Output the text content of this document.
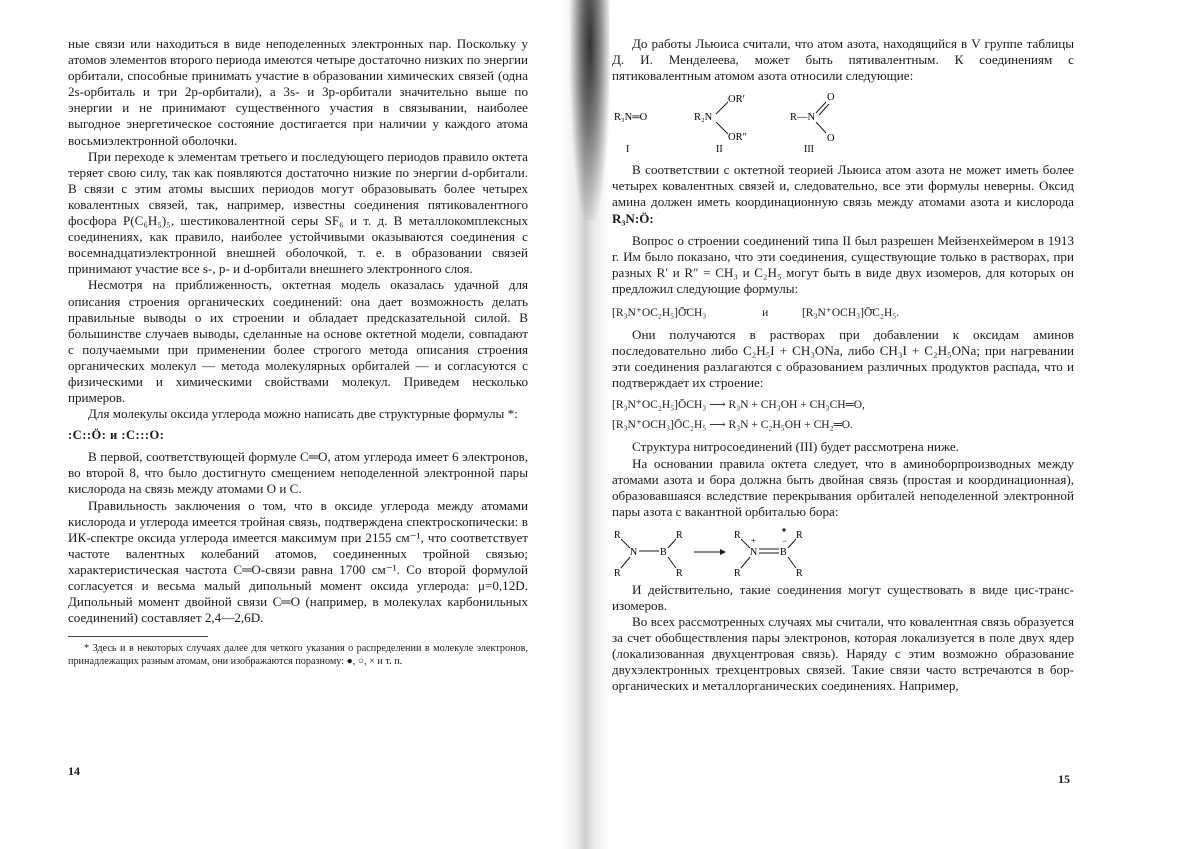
ные связи или находиться в виде неподеленных электронных пар. Поскольку у атомов элементов второго периода имеются четыре достаточно низких по энергии орбитали, способные принимать участие в образовании химических связей (одна 2s-орбиталь и три 2p-орбитали), а 3s- и 3p-орбитали значительно выше по энергии и не принимают существенного участия в связывании, наиболее выгодное энергетическое состояние достигается при наличии у каждого атома восьмиэлектронной оболочки.

При переходе к элементам третьего и последующего периодов правило октета теряет свою силу, так как появляются достаточно низкие по энергии d-орбитали. В связи с этим атомы высших периодов могут образовывать более четырех ковалентных связей, так, например, известны соединения пятиковалентного фосфора P(C₆H₅)₅, шестиковалентной серы SF₆ и т. д. В металлокомплексных соединениях, как правило, наиболее устойчивыми оказываются соединения с восемнадцатиэлектронной внешней оболочкой, т. е. в образовании связей принимают участие все s-, p- и d-орбитали внешнего электронного слоя.

Несмотря на приближенность, октетная модель оказалась удачной для описания строения органических соединений: она дает возможность делать правильные выводы о их строении и обладает предсказательной силой. В большинстве случаев выводы, сделанные на основе октетной модели, совпадают с получаемыми при применении более строгого метода описания строения органических молекул — метода молекулярных орбиталей — и согласуются с физическими и химическими свойствами молекул. Приведем несколько примеров.

Для молекулы оксида углерода можно написать две структурные формулы *:

:C::Ö: и :C:::O:

В первой, соответствующей формуле C═O, атом углерода имеет 6 электронов, во второй 8, что было достигнуто смещением неподеленной электронной пары кислорода на связь между атомами O и C.

Правильность заключения о том, что в оксиде углерода между атомами кислорода и углерода имеется тройная связь, подтверждена спектроскопически: в ИК-спектре оксида углерода имеется максимум при 2155 см⁻¹, что соответствует частоте валентных колебаний атомов, соединенных тройной связью; характеристическая частота C═O-связи равна 1700 см⁻¹. Со второй формулой согласуется и весьма малый дипольный момент оксида углерода: μ=0,12D. Дипольный момент двойной связи C═O (например, в молекулах карбонильных соединений) составляет 2,4—2,6D.

* Здесь и в некоторых случаях далее для четкого указания о распределении в молекуле электронов, принадлежащих разным атомам, они изображаются поразному: ●, ○, × и т. п.

14

До работы Льюиса считали, что атом азота, находящийся в V группе таблицы Д. И. Менделеева, может быть пятивалентным. К соединениям с пятиковалентным атомом азота относили следующие:

R₃N═O	R₂N
OR′
OR″
R—N
O
O
I	II	III

В соответствии с октетной теорией Льюиса атом азота не может иметь более четырех ковалентных связей и, следовательно, все эти формулы неверны. Оксид амина должен иметь координационную связь между атомами азота и кислорода R₃N:Ö:

Вопрос о строении соединений типа II был разрешен Мейзенхеймером в 1913 г. Им было показано, что эти соединения, существующие только в растворах, при разных R′ и R″ = CH₃ и C₂H₅ могут быть в виде двух изомеров, для которых он предложил следующие формулы:

[R₃N⁺OC₂H₅]Ō̄CH₃	и	[R₃N⁺OCH₃]Ō̄C₂H₅.

Они получаются в растворах при добавлении к оксидам аминов последовательно либо C₂H₅I + CH₃ONa, либо CH₃I + C₂H₅ONa; при нагревании эти соединения разлагаются с образованием различных продуктов распада, что и подтверждает их строение:

[R₃N⁺OC₂H₅]ŌCH₃ ⟶ R₃N + CH₃OH + CH₃CH═O,
[R₃N⁺OCH₃]ŌC₂H₅ ⟶ R₃N + C₂H₅OH + CH₂═O.

Структура нитросоединений (III) будет рассмотрена ниже.

На основании правила октета следует, что в аминоборпроизводных между атомами азота и бора должна быть двойная связь (простая и координационная), образовавшаяся вследствие перекрывания орбиталей неподеленной электронной пары азота с вакантной орбиталью бора:

R
N B
R
R	R
R
N B
R
R	R
+	−

И действительно, такие соединения могут существовать в виде цис-транс-изомеров.

Во всех рассмотренных случаях мы считали, что ковалентная связь образуется за счет обобществления пары электронов, которая локализуется в поле двух ядер (локализованная двухцентровая связь). Наряду с этим возможно образование двухэлектронных трехцентровых связей. Такие связи часто встречаются в бор-органических и металлорганических соединениях. Например,

15
